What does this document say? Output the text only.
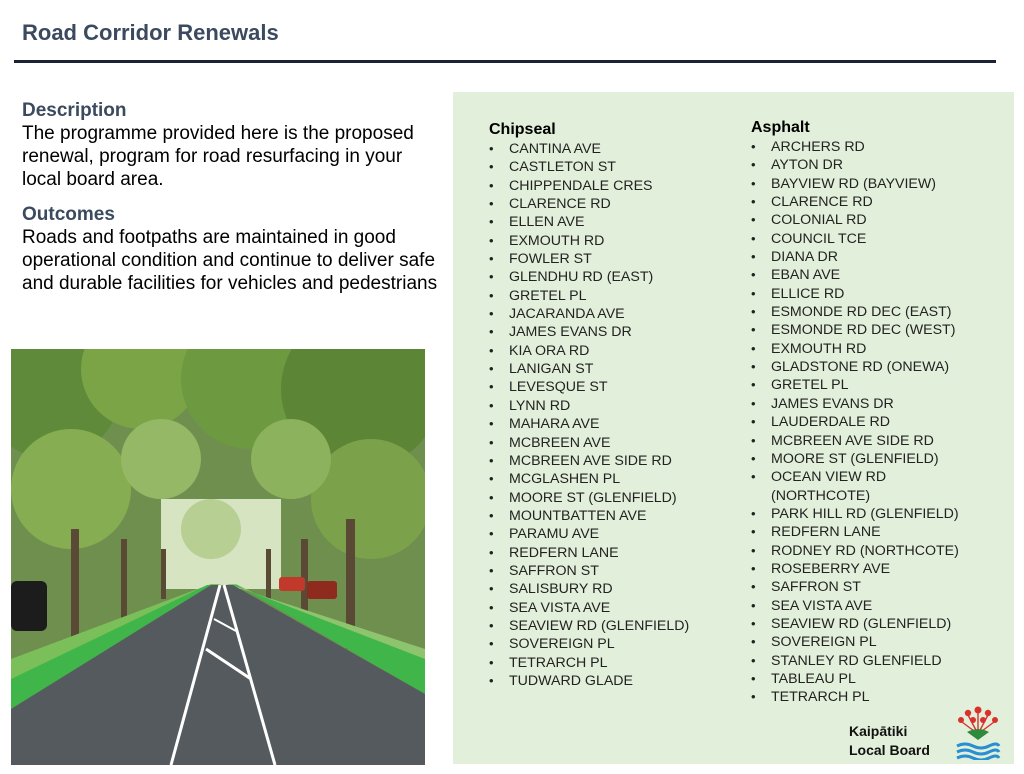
Road Corridor Renewals
Description
The programme provided here is the proposed renewal, program for road resurfacing in your local board area.
Outcomes
Roads and footpaths are maintained in good operational condition and continue to deliver safe and durable facilities for vehicles and pedestrians
Chipseal
• CANTINA AVE
• CASTLETON ST
• CHIPPENDALE CRES
• CLARENCE RD
• ELLEN AVE
• EXMOUTH RD
• FOWLER ST
• GLENDHU RD (EAST)
• GRETEL PL
• JACARANDA AVE
• JAMES EVANS DR
• KIA ORA RD
• LANIGAN ST
• LEVESQUE ST
• LYNN RD
• MAHARA AVE
• MCBREEN AVE
• MCBREEN AVE SIDE RD
• MCGLASHEN PL
• MOORE ST (GLENFIELD)
• MOUNTBATTEN AVE
• PARAMU AVE
• REDFERN LANE
• SAFFRON ST
• SALISBURY RD
• SEA VISTA AVE
• SEAVIEW RD (GLENFIELD)
• SOVEREIGN PL
• TETRARCH PL
• TUDWARD GLADE
Asphalt
• ARCHERS RD
• AYTON DR
• BAYVIEW RD (BAYVIEW)
• CLARENCE RD
• COLONIAL RD
• COUNCIL TCE
• DIANA DR
• EBAN AVE
• ELLICE RD
• ESMONDE RD DEC (EAST)
• ESMONDE RD DEC (WEST)
• EXMOUTH RD
• GLADSTONE RD (ONEWA)
• GRETEL PL
• JAMES EVANS DR
• LAUDERDALE RD
• MCBREEN AVE SIDE RD
• MOORE ST (GLENFIELD)
• OCEAN VIEW RD (NORTHCOTE)
• PARK HILL RD (GLENFIELD)
• REDFERN LANE
• RODNEY RD (NORTHCOTE)
• ROSEBERRY AVE
• SAFFRON ST
• SEA VISTA AVE
• SEAVIEW RD (GLENFIELD)
• SOVEREIGN PL
• STANLEY RD GLENFIELD
• TABLEAU PL
• TETRARCH PL
Kaipātiki
Local Board
